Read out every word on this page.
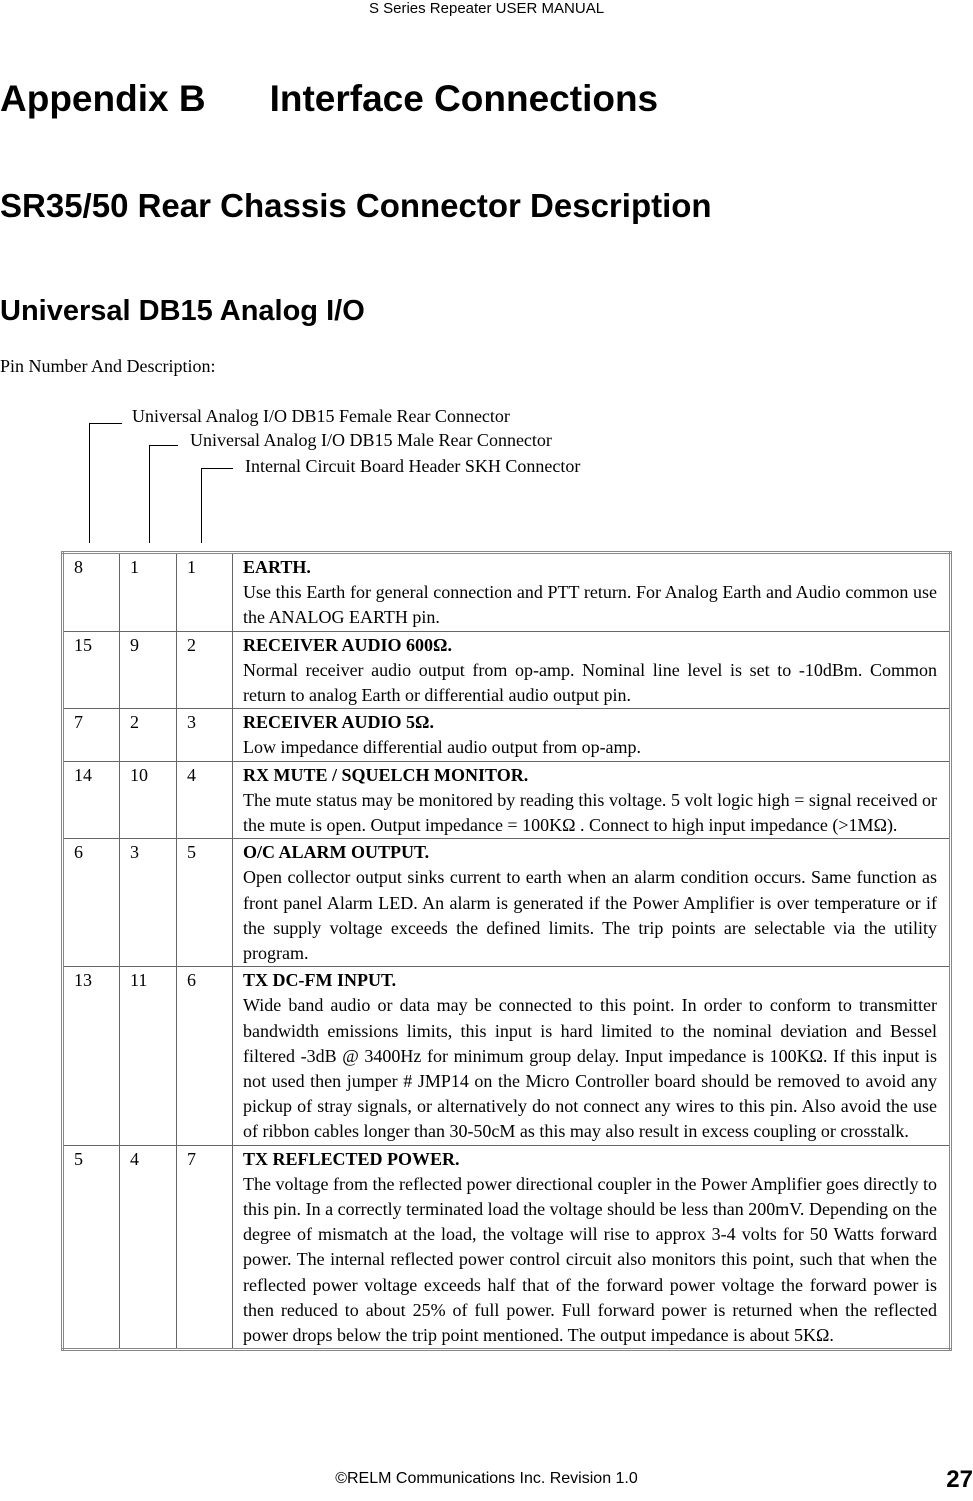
S Series Repeater USER MANUAL
Appendix B Interface Connections
SR35/50 Rear Chassis Connector Description
Universal DB15 Analog I/O
Pin Number And Description:
Universal Analog I/O DB15 Female Rear Connector
Universal Analog I/O DB15 Male Rear Connector
Internal Circuit Board Header SKH Connector
8	1	1	EARTH.
Use this Earth for general connection and PTT return. For Analog Earth and Audio common use the ANALOG EARTH pin.

15	9	2	RECEIVER AUDIO 600Ω.
Normal receiver audio output from op-amp. Nominal line level is set to -10dBm. Common return to analog Earth or differential audio output pin.

7	2	3	RECEIVER AUDIO 5Ω.
Low impedance differential audio output from op-amp.

14	10	4	RX MUTE / SQUELCH MONITOR.
The mute status may be monitored by reading this voltage. 5 volt logic high = signal received or the mute is open. Output impedance = 100KΩ . Connect to high input impedance (>1MΩ).

6	3	5	O/C ALARM OUTPUT.
Open collector output sinks current to earth when an alarm condition occurs. Same function as front panel Alarm LED. An alarm is generated if the Power Amplifier is over temperature or if the supply voltage exceeds the defined limits. The trip points are selectable via the utility program.

13	11	6	TX DC-FM INPUT.
Wide band audio or data may be connected to this point. In order to conform to transmitter bandwidth emissions limits, this input is hard limited to the nominal deviation and Bessel filtered -3dB @ 3400Hz for minimum group delay. Input impedance is 100KΩ. If this input is not used then jumper # JMP14 on the Micro Controller board should be removed to avoid any pickup of stray signals, or alternatively do not connect any wires to this pin. Also avoid the use of ribbon cables longer than 30-50cM as this may also result in excess coupling or crosstalk.

5	4	7	TX REFLECTED POWER.
The voltage from the reflected power directional coupler in the Power Amplifier goes directly to this pin. In a correctly terminated load the voltage should be less than 200mV. Depending on the degree of mismatch at the load, the voltage will rise to approx 3-4 volts for 50 Watts forward power. The internal reflected power control circuit also monitors this point, such that when the reflected power voltage exceeds half that of the forward power voltage the forward power is then reduced to about 25% of full power. Full forward power is returned when the reflected power drops below the trip point mentioned. The output impedance is about 5KΩ.
©RELM Communications Inc. Revision 1.0	27
